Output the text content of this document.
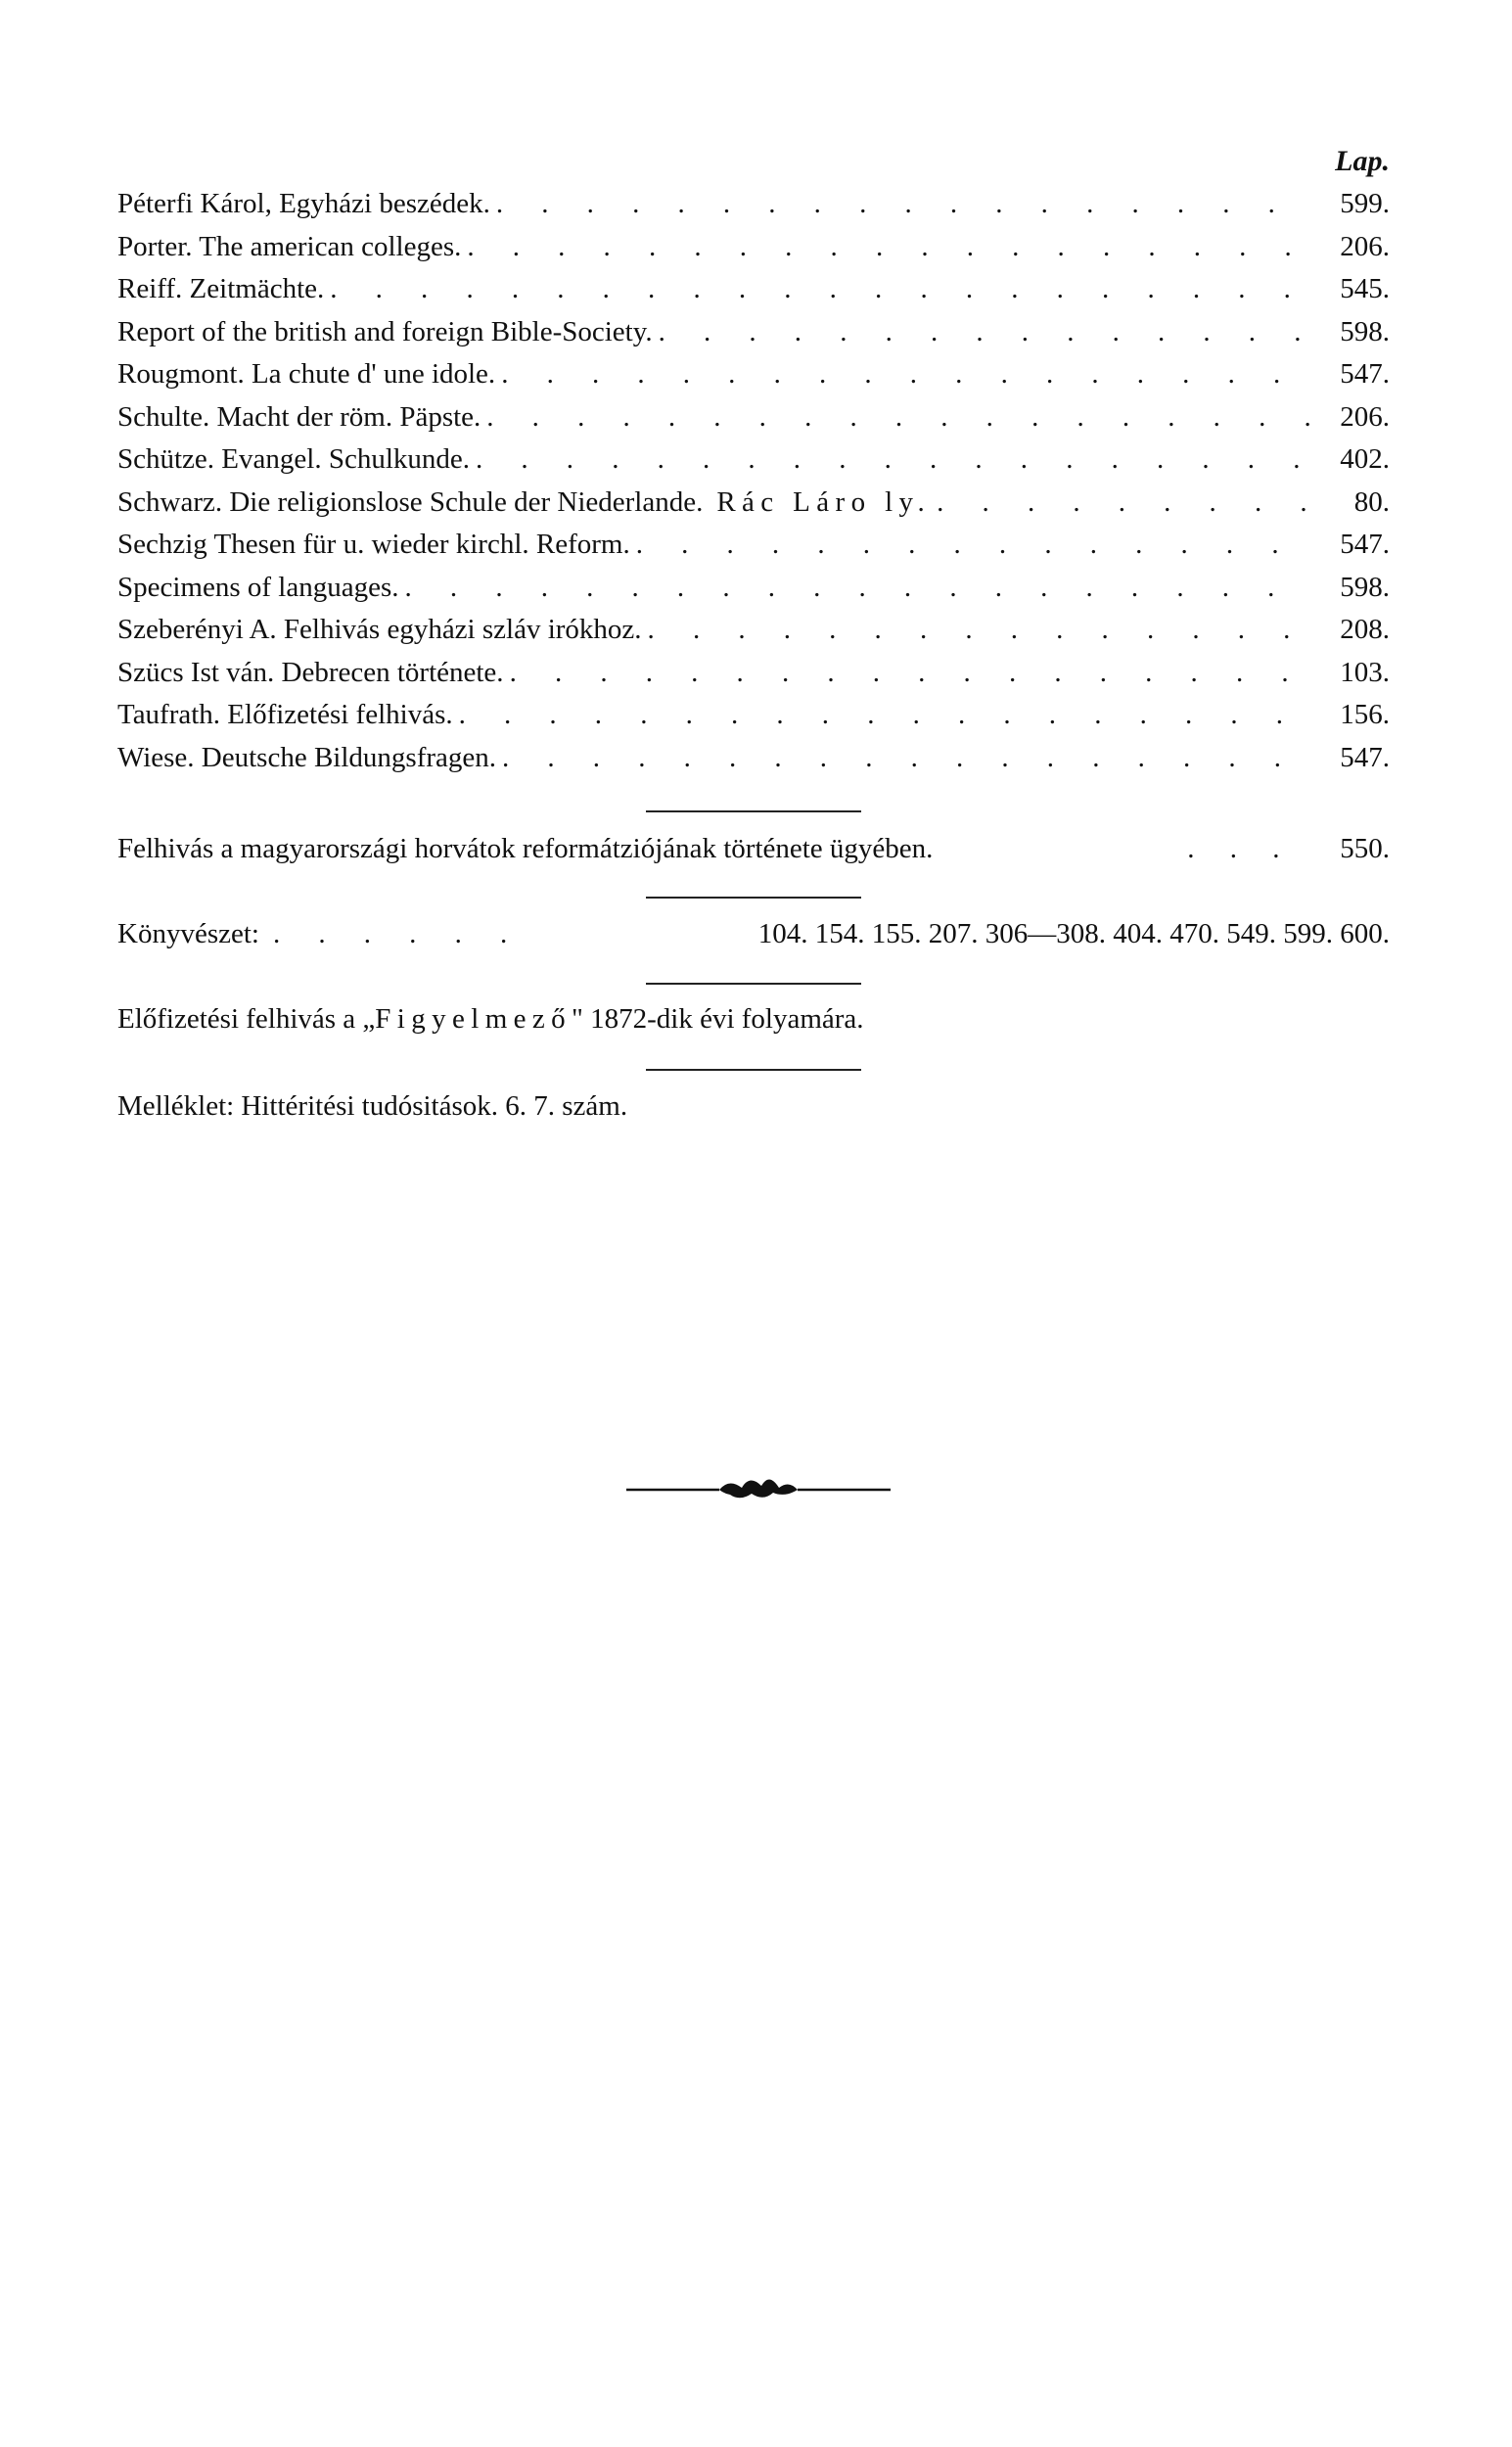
Lap.
Péterfi Károl, Egyházi beszédek. . . .	599.
Porter. The american colleges. . . .	206.
Reiff. Zeitmächte. . . .	545.
Report of the british and foreign Bible-Society. . . .	598.
Rougmont. La chute d' une idole. . . .	547.
Schulte. Macht der röm. Päpste. . . .	206.
Schütze. Evangel. Schulkunde. . . .	402.
Schwarz. Die religionslose Schule der Niederlande. Rác Láro ly. . . .	80.
Sechzig Thesen für u. wieder kirchl. Reform. . . .	547.
Specimens of languages. . . .	598.
Szeberényi A. Felhivás egyházi szláv irókhoz. . . .	208.
Szücs Ist ván. Debrecen története. . . .	103.
Taufrath. Előfizetési felhivás. . . .	156.
Wiese. Deutsche Bildungsfragen. . . .	547.
Felhivás a magyarországi horvátok reformátziójának története ügyében.	. . .	550.
Könyvészet: . . . . . .	104. 154. 155. 207. 306—308. 404. 470. 549. 599. 600.
Előfizetési felhivás a „Figyelmező" 1872-dik évi folyamára.
Melléklet: Hittéritési tudósitások. 6. 7. szám.
